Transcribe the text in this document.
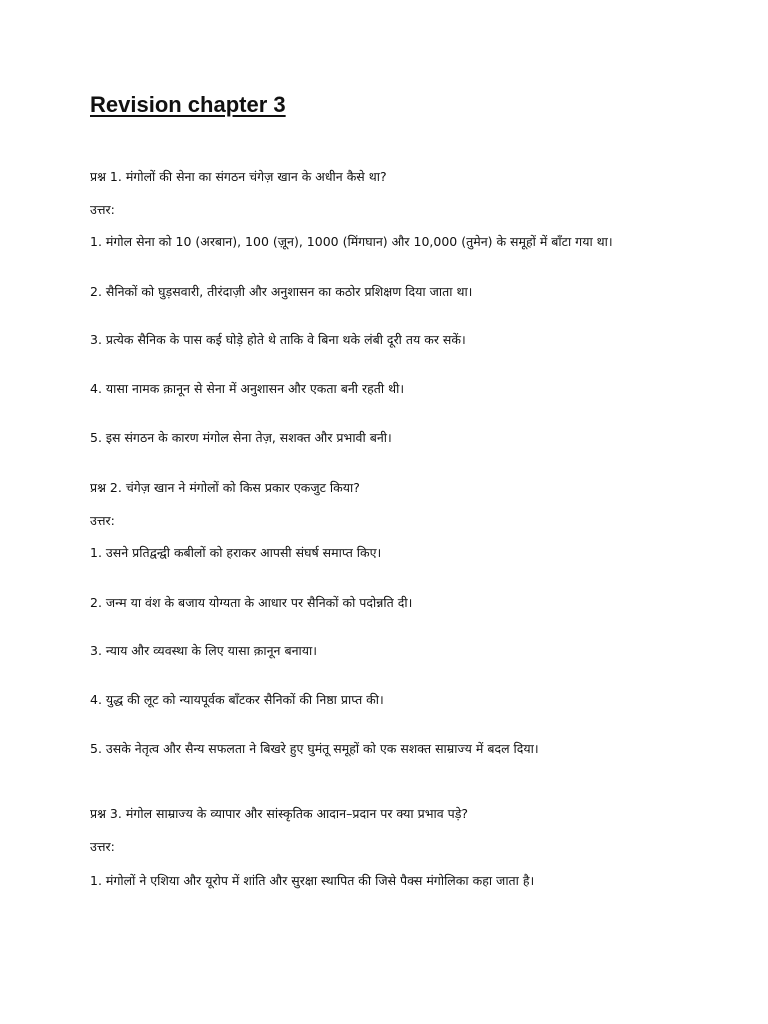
Revision chapter 3

प्रश्न 1. मंगोलों की सेना का संगठन चंगेज़ खान के अधीन कैसे था?

उत्तर:

1. मंगोल सेना को 10 (अरबान), 100 (ज़ून), 1000 (मिंगघान) और 10,000 (तुमेन) के समूहों में बाँटा गया था।

2. सैनिकों को घुड़सवारी, तीरंदाज़ी और अनुशासन का कठोर प्रशिक्षण दिया जाता था।

3. प्रत्येक सैनिक के पास कई घोड़े होते थे ताकि वे बिना थके लंबी दूरी तय कर सकें।

4. यासा नामक क़ानून से सेना में अनुशासन और एकता बनी रहती थी।

5. इस संगठन के कारण मंगोल सेना तेज़, सशक्त और प्रभावी बनी।

प्रश्न 2. चंगेज़ खान ने मंगोलों को किस प्रकार एकजुट किया?

उत्तर:

1. उसने प्रतिद्वन्द्वी कबीलों को हराकर आपसी संघर्ष समाप्त किए।

2. जन्म या वंश के बजाय योग्यता के आधार पर सैनिकों को पदोन्नति दी।

3. न्याय और व्यवस्था के लिए यासा क़ानून बनाया।

4. युद्ध की लूट को न्यायपूर्वक बाँटकर सैनिकों की निष्ठा प्राप्त की।

5. उसके नेतृत्व और सैन्य सफलता ने बिखरे हुए घुमंतू समूहों को एक सशक्त साम्राज्य में बदल दिया।

प्रश्न 3. मंगोल साम्राज्य के व्यापार और सांस्कृतिक आदान–प्रदान पर क्या प्रभाव पड़े?

उत्तर:

1. मंगोलों ने एशिया और यूरोप में शांति और सुरक्षा स्थापित की जिसे पैक्स मंगोलिका कहा जाता है।
